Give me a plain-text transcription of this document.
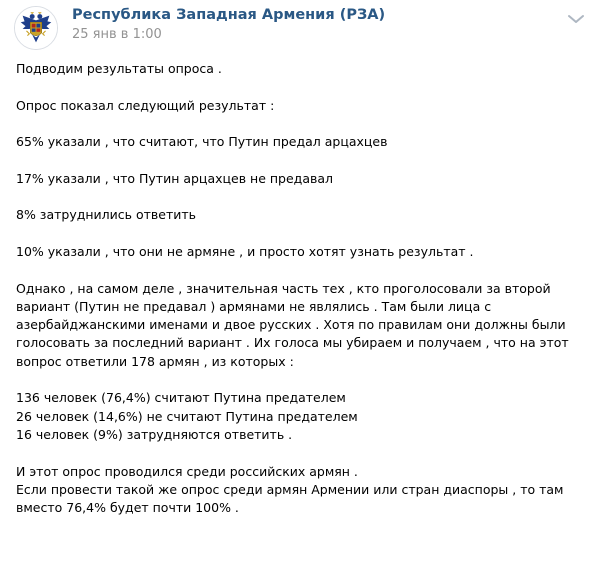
Республика Западная Армения (РЗА)
25 янв в 1:00
Подводим результаты опроса .
Опрос показал следующий результат :
65% указали , что считают, что Путин предал арцахцев
17% указали , что Путин арцахцев не предавал
8% затруднились ответить
10% указали , что они не армяне , и просто хотят узнать результат .
Однако , на самом деле , значительная часть тех , кто проголосовали за второй
вариант (Путин не предавал ) армянами не являлись . Там были лица с
азербайджанскими именами и двое русских . Хотя по правилам они должны были
голосовать за последний вариант . Их голоса мы убираем и получаем , что на этот
вопрос ответили 178 армян , из которых :
136 человек (76,4%) считают Путина предателем
26 человек (14,6%) не считают Путина предателем
16 человек (9%) затрудняются ответить .
И этот опрос проводился среди российских армян .
Если провести такой же опрос среди армян Армении или стран диаспоры , то там
вместо 76,4% будет почти 100% .
